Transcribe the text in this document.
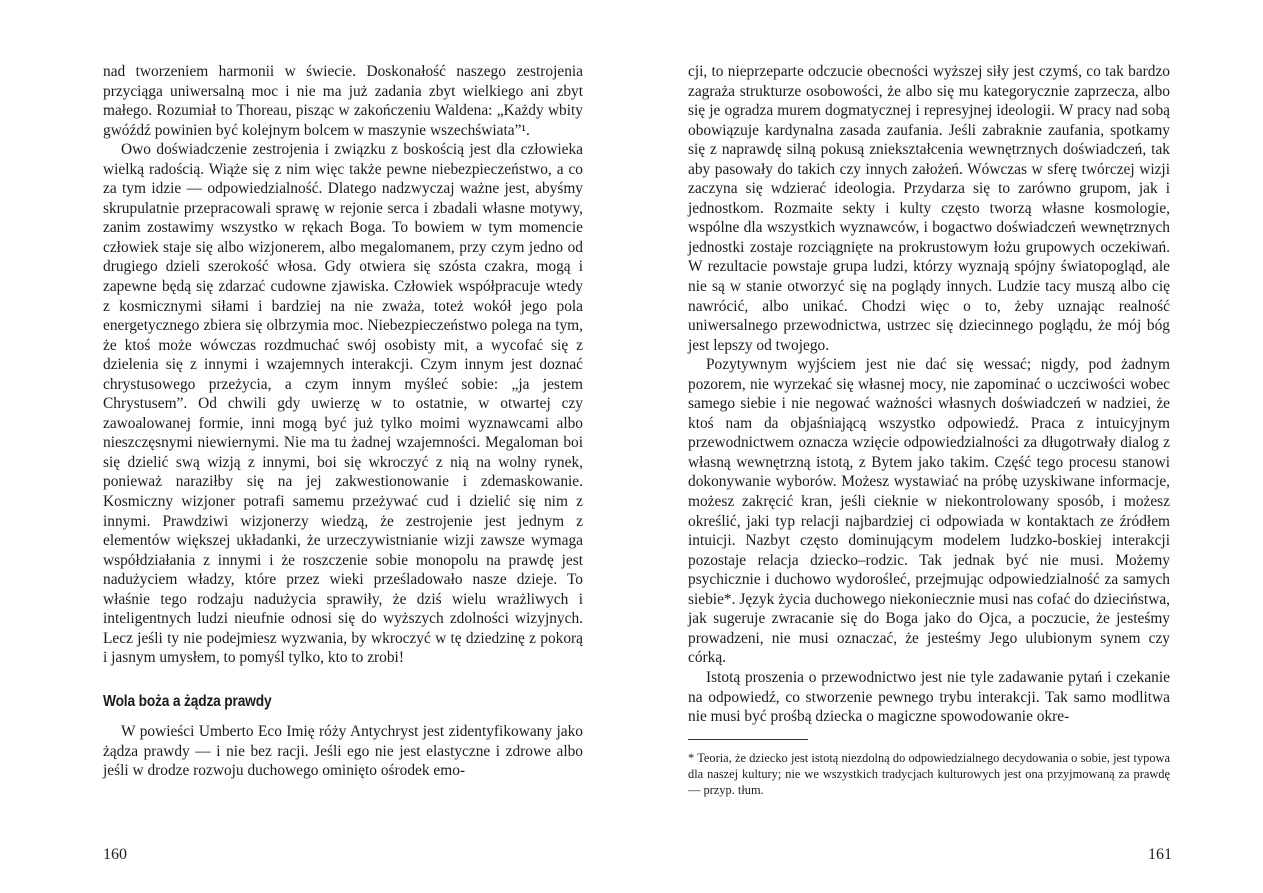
nad tworzeniem harmonii w świecie. Doskonałość naszego zestrojenia przyciąga uniwersalną moc i nie ma już zadania zbyt wielkiego ani zbyt małego. Rozumiał to Thoreau, pisząc w zakończeniu Waldena: „Każdy wbity gwóźdź powinien być kolejnym bolcem w maszynie wszechświata”¹.

Owo doświadczenie zestrojenia i związku z boskością jest dla człowieka wielką radością. Wiąże się z nim więc także pewne niebezpieczeństwo, a co za tym idzie — odpowiedzialność. Dlatego nadzwyczaj ważne jest, abyśmy skrupulatnie przepracowali sprawę w rejonie serca i zbadali własne motywy, zanim zostawimy wszystko w rękach Boga. To bowiem w tym momencie człowiek staje się albo wizjonerem, albo megalomanem, przy czym jedno od drugiego dzieli szerokość włosa. Gdy otwiera się szósta czakra, mogą i zapewne będą się zdarzać cudowne zjawiska. Człowiek współpracuje wtedy z kosmicznymi siłami i bardziej na nie zważa, toteż wokół jego pola energetycznego zbiera się olbrzymia moc. Niebezpieczeństwo polega na tym, że ktoś może wówczas rozdmuchać swój osobisty mit, a wycofać się z dzielenia się z innymi i wzajemnych interakcji. Czym innym jest doznać chrystusowego przeżycia, a czym innym myśleć sobie: „ja jestem Chrystusem”. Od chwili gdy uwierzę w to ostatnie, w otwartej czy zawoalowanej formie, inni mogą być już tylko moimi wyznawcami albo nieszczęsnymi niewiernymi. Nie ma tu żadnej wzajemności. Megaloman boi się dzielić swą wizją z innymi, boi się wkroczyć z nią na wolny rynek, ponieważ naraziłby się na jej zakwestionowanie i zdemaskowanie. Kosmiczny wizjoner potrafi samemu przeżywać cud i dzielić się nim z innymi. Prawdziwi wizjonerzy wiedzą, że zestrojenie jest jednym z elementów większej układanki, że urzeczywistnianie wizji zawsze wymaga współdziałania z innymi i że roszczenie sobie monopolu na prawdę jest nadużyciem władzy, które przez wieki prześladowało nasze dzieje. To właśnie tego rodzaju nadużycia sprawiły, że dziś wielu wrażliwych i inteligentnych ludzi nieufnie odnosi się do wyższych zdolności wizyjnych. Lecz jeśli ty nie podejmiesz wyzwania, by wkroczyć w tę dziedzinę z pokorą i jasnym umysłem, to pomyśl tylko, kto to zrobi!

Wola boża a żądza prawdy

W powieści Umberto Eco Imię róży Antychryst jest zidentyfikowany jako żądza prawdy — i nie bez racji. Jeśli ego nie jest elastyczne i zdrowe albo jeśli w drodze rozwoju duchowego ominięto ośrodek emo-

cji, to nieprzeparte odczucie obecności wyższej siły jest czymś, co tak bardzo zagraża strukturze osobowości, że albo się mu kategorycznie zaprzecza, albo się je ogradza murem dogmatycznej i represyjnej ideologii. W pracy nad sobą obowiązuje kardynalna zasada zaufania. Jeśli zabraknie zaufania, spotkamy się z naprawdę silną pokusą zniekształcenia wewnętrznych doświadczeń, tak aby pasowały do takich czy innych założeń. Wówczas w sferę twórczej wizji zaczyna się wdzierać ideologia. Przydarza się to zarówno grupom, jak i jednostkom. Rozmaite sekty i kulty często tworzą własne kosmologie, wspólne dla wszystkich wyznawców, i bogactwo doświadczeń wewnętrznych jednostki zostaje rozciągnięte na prokrustowym łożu grupowych oczekiwań. W rezultacie powstaje grupa ludzi, którzy wyznają spójny światopogląd, ale nie są w stanie otworzyć się na poglądy innych. Ludzie tacy muszą albo cię nawrócić, albo unikać. Chodzi więc o to, żeby uznając realność uniwersalnego przewodnictwa, ustrzec się dziecinnego poglądu, że mój bóg jest lepszy od twojego.

Pozytywnym wyjściem jest nie dać się wessać; nigdy, pod żadnym pozorem, nie wyrzekać się własnej mocy, nie zapominać o uczciwości wobec samego siebie i nie negować ważności własnych doświadczeń w nadziei, że ktoś nam da objaśniającą wszystko odpowiedź. Praca z intuicyjnym przewodnictwem oznacza wzięcie odpowiedzialności za długotrwały dialog z własną wewnętrzną istotą, z Bytem jako takim. Część tego procesu stanowi dokonywanie wyborów. Możesz wystawiać na próbę uzyskiwane informacje, możesz zakręcić kran, jeśli cieknie w niekontrolowany sposób, i możesz określić, jaki typ relacji najbardziej ci odpowiada w kontaktach ze źródłem intuicji. Nazbyt często dominującym modelem ludzko-boskiej interakcji pozostaje relacja dziecko–rodzic. Tak jednak być nie musi. Możemy psychicznie i duchowo wydorośleć, przejmując odpowiedzialność za samych siebie*. Język życia duchowego niekoniecznie musi nas cofać do dzieciństwa, jak sugeruje zwracanie się do Boga jako do Ojca, a poczucie, że jesteśmy prowadzeni, nie musi oznaczać, że jesteśmy Jego ulubionym synem czy córką.

Istotą proszenia o przewodnictwo jest nie tyle zadawanie pytań i czekanie na odpowiedź, co stworzenie pewnego trybu interakcji. Tak samo modlitwa nie musi być prośbą dziecka o magiczne spowodowanie okre-

* Teoria, że dziecko jest istotą niezdolną do odpowiedzialnego decydowania o sobie, jest typowa dla naszej kultury; nie we wszystkich tradycjach kulturowych jest ona przyjmowaną za prawdę — przyp. tłum.

160	161
